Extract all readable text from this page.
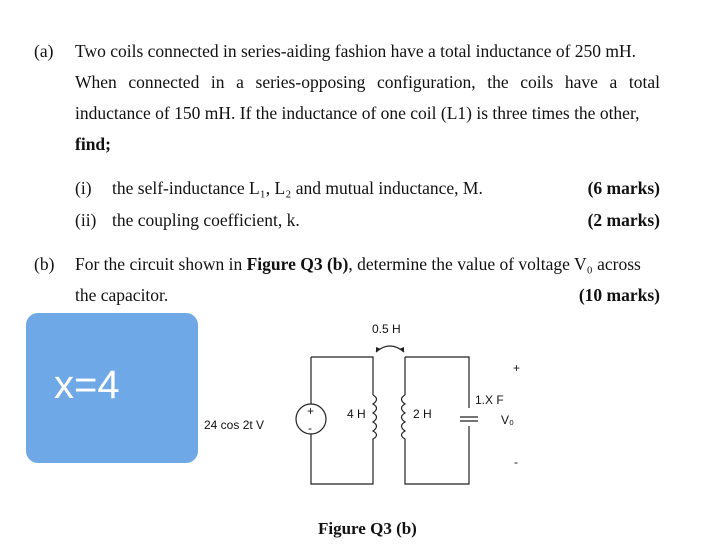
(a) Two coils connected in series-aiding fashion have a total inductance of 250 mH.
When connected in a series-opposing configuration, the coils have a total
inductance of 150 mH. If the inductance of one coil (L1) is three times the other,
find;
(i) the self-inductance L₁, L₂ and mutual inductance, M.	(6 marks)
(ii) the coupling coefficient, k.	(2 marks)
(b) For the circuit shown in Figure Q3 (b), determine the value of voltage V₀ across
the capacitor.	(10 marks)
x=4
0.5 H
24 cos 2t V
+
-
4 H	2 H
1.X F
V₀
+
-
Figure Q3 (b)
